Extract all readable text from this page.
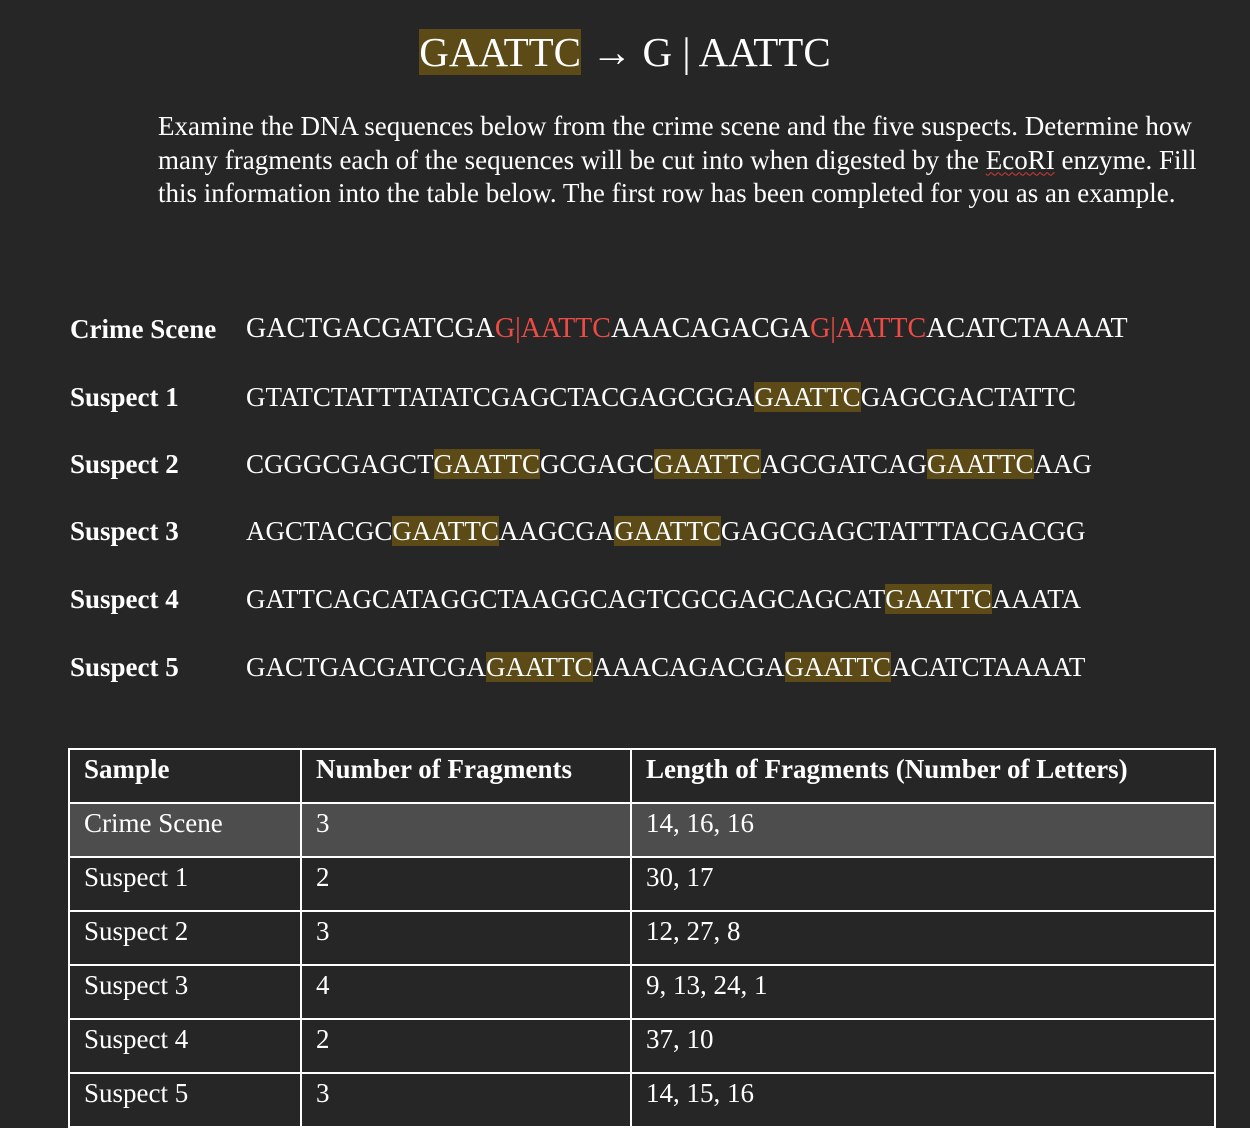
GAATTC → G | AATTC

Examine the DNA sequences below from the crime scene and the five suspects. Determine how many fragments each of the sequences will be cut into when digested by the EcoRI enzyme. Fill this information into the table below. The first row has been completed for you as an example.

Crime Scene GACTGACGATCGAG|AATTCAAACAGACGAG|AATTCACATCTAAAAT
Suspect 1 GTATCTATTTATATCGAGCTACGAGCGGAGAATTCGAGCGACTATTC
Suspect 2 CGGGCGAGCTGAATTCGCGAGCGAATTCAGCGATCAGGAATTCAAG
Suspect 3 AGCTACGCGAATTCAAGCGAGAATTCGAGCGAGCTATTTACGACGG
Suspect 4 GATTCAGCATAGGCTAAGGCAGTCGCGAGCAGCATGAATTCAAATA
Suspect 5 GACTGACGATCGAGAATTCAAACAGACGAGAATTCACATCTAAAAT
Sample	Number of Fragments	Length of Fragments (Number of Letters)
Crime Scene	3	14, 16, 16
Suspect 1	2	30, 17
Suspect 2	3	12, 27, 8
Suspect 3	4	9, 13, 24, 1
Suspect 4	2	37, 10
Suspect 5	3	14, 15, 16
